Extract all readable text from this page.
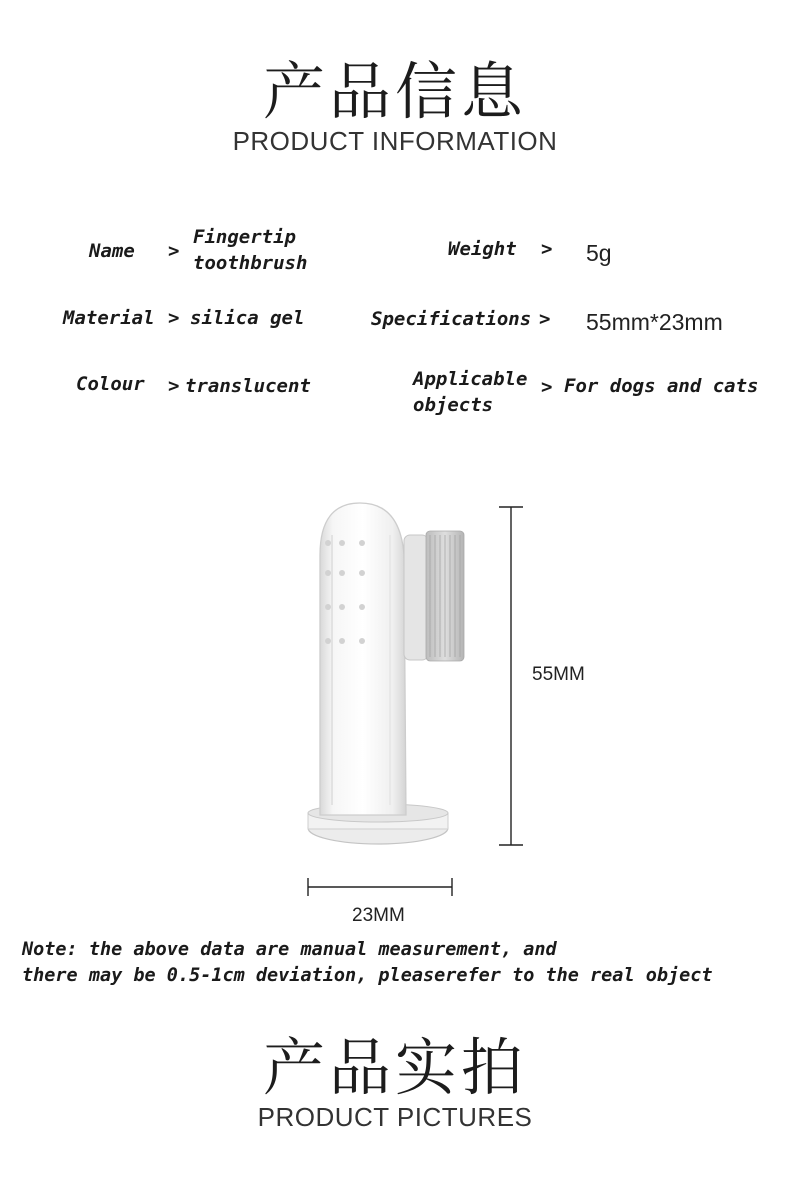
产品信息
PRODUCT INFORMATION
Name >
Fingertip
toothbrush
Weight > 5g
Material > silica gel	Specifications > 55mm*23mm
Colour > translucent	Applicable
objects
> For dogs and cats
55MM
23MM
Note: the above data are manual measurement, and
there may be 0.5-1cm deviation, pleaserefer to the real object
产品实拍
PRODUCT PICTURES
